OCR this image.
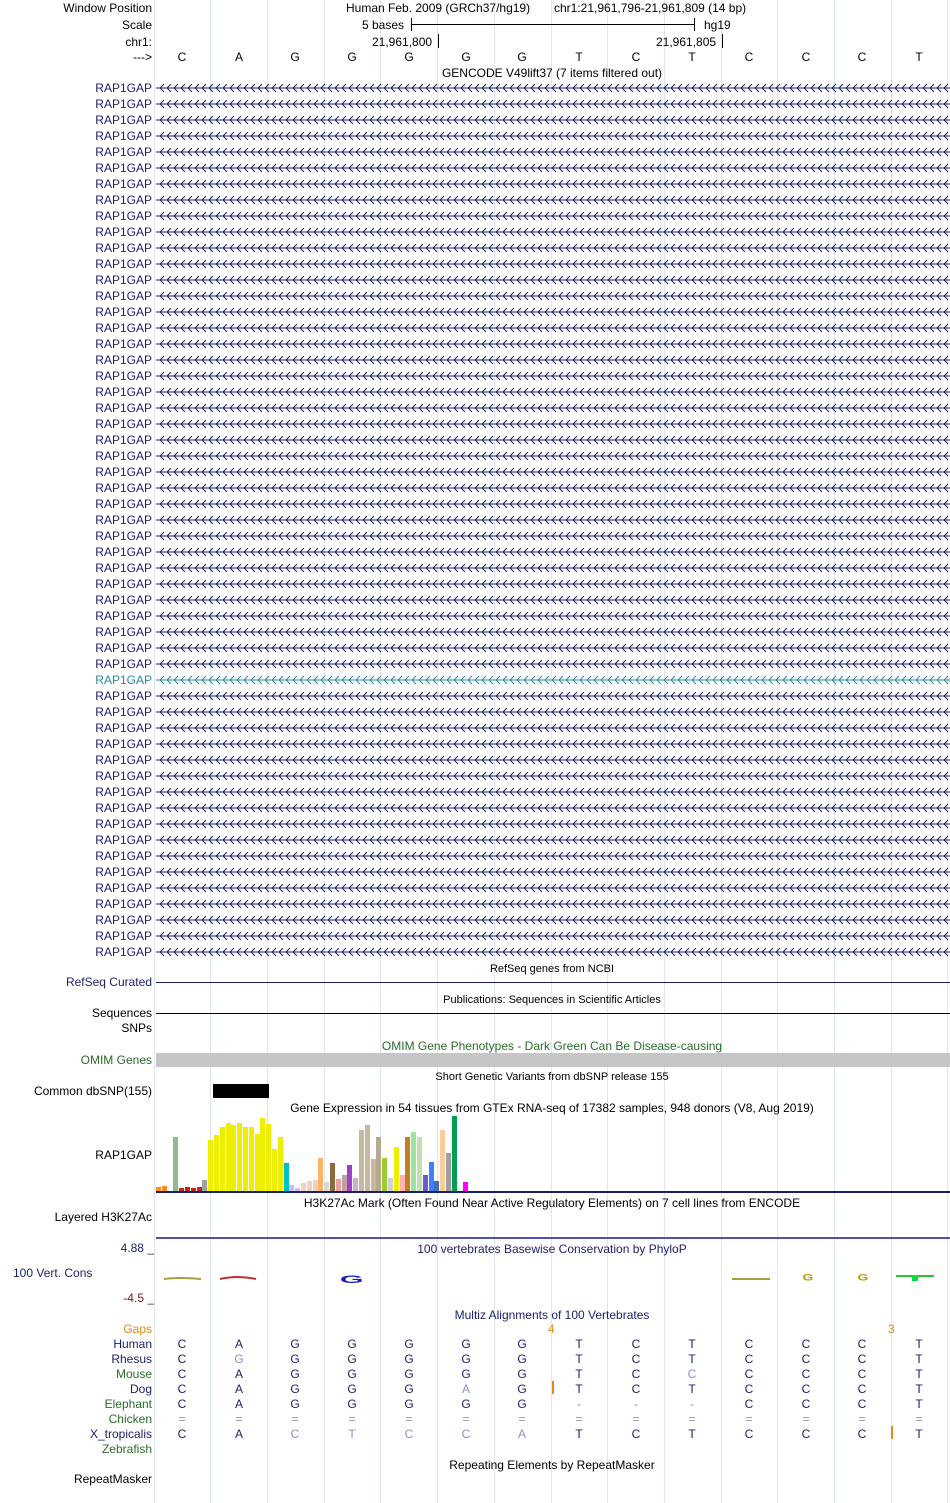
Window Position
Scale
chr1:
--->
Human Feb. 2009 (GRCh37/hg19) chr1:21,961,796-21,961,809 (14 bp)
5 bases	hg19
21,961,800	21,961,805
C	A	G	G	G	G	G	T	C	T	C	C	C	T
GENCODE V49lift37 (7 items filtered out)
RAP1GAP
RAP1GAP
RAP1GAP
RAP1GAP
RAP1GAP
RAP1GAP
RAP1GAP
RAP1GAP
RAP1GAP
RAP1GAP
RAP1GAP
RAP1GAP
RAP1GAP
RAP1GAP
RAP1GAP
RAP1GAP
RAP1GAP
RAP1GAP
RAP1GAP
RAP1GAP
RAP1GAP
RAP1GAP
RAP1GAP
RAP1GAP
RAP1GAP
RAP1GAP
RAP1GAP
RAP1GAP
RAP1GAP
RAP1GAP
RAP1GAP
RAP1GAP
RAP1GAP
RAP1GAP
RAP1GAP
RAP1GAP
RAP1GAP
RAP1GAP
RAP1GAP
RAP1GAP
RAP1GAP
RAP1GAP
RAP1GAP
RAP1GAP
RAP1GAP
RAP1GAP
RAP1GAP
RAP1GAP
RAP1GAP
RAP1GAP
RAP1GAP
RAP1GAP
RAP1GAP
RAP1GAP
RAP1GAP
RefSeq genes from NCBI
RefSeq Curated
Publications: Sequences in Scientific Articles
Sequences
SNPs
OMIM Gene Phenotypes - Dark Green Can Be Disease-causing
OMIM Genes
Short Genetic Variants from dbSNP release 155
Common dbSNP(155)
Gene Expression in 54 tissues from GTEx RNA-seq of 17382 samples, 948 donors (V8, Aug 2019)
RAP1GAP
H3K27Ac Mark (Often Found Near Active Regulatory Elements) on 7 cell lines from ENCODE
Layered H3K27Ac
100 vertebrates Basewise Conservation by PhyloP
4.88 _
100 Vert. Cons
-4.5 _
G	G	G
Multiz Alignments of 100 Vertebrates
Gaps	4	3
Human	C	A	G	G	G	G	G	T	C	T	C	C	C	T
Rhesus	C	G	G	G	G	G	G	T	C	T	C	C	C	T
Mouse	C	A	G	G	G	G	G	T	C	C	C	C	C	T
Dog	C	A	G	G	G	A	G	T	C	T	C	C	C	T
Elephant	C	A	G	G	G	G	G	-	-	-	C	C	C	T
Chicken	=	=	=	=	=	=	=	=	=	=	=	=	=	=
X_tropicalis	C	A	C	T	C	C	A	T	C	T	C	C	C	T
Zebrafish
Repeating Elements by RepeatMasker
RepeatMasker
